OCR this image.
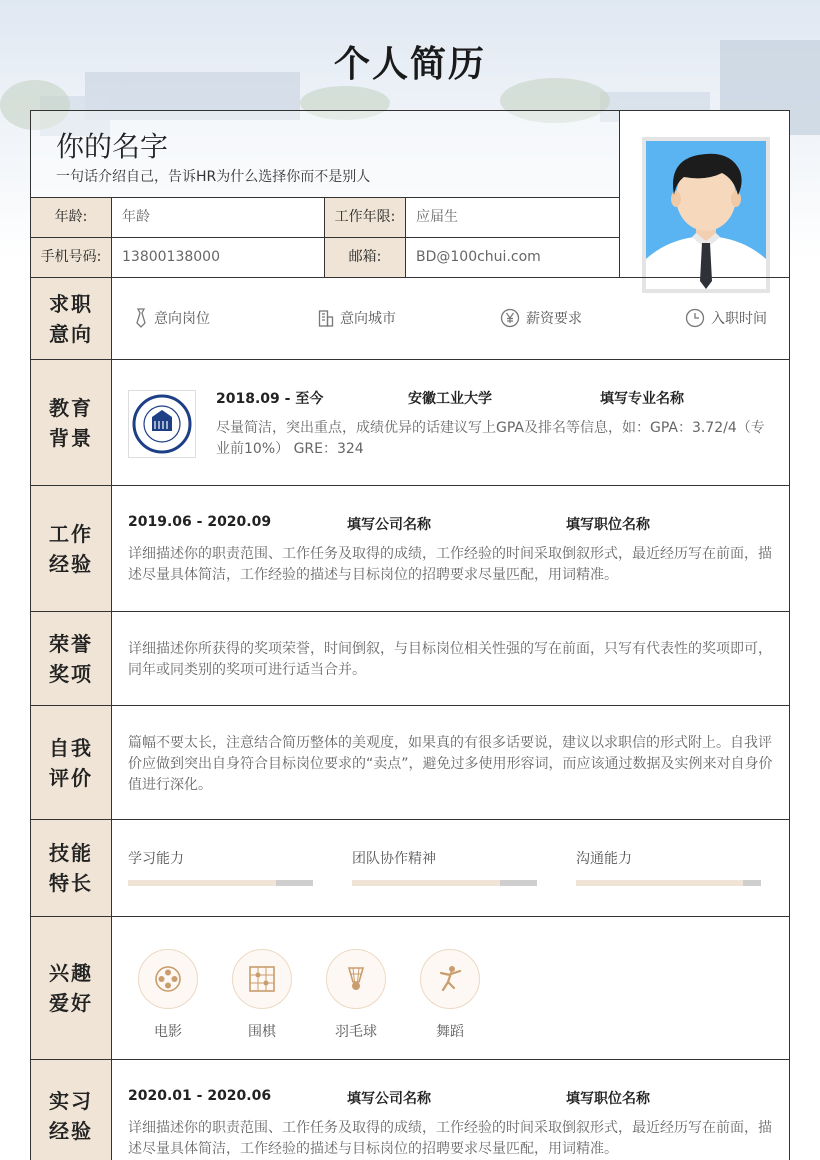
个人简历
你的名字
一句话介绍自己，告诉HR为什么选择你而不是别人
年龄:	年龄	工作年限:	应届生
手机号码:	13800138000	邮箱:	BD@100chui.com
求职意向
意向岗位	意向城市	薪资要求	入职时间
教育背景
2018.09 - 至今	安徽工业大学	填写专业名称
尽量简洁，突出重点，成绩优异的话建议写上GPA及排名等信息，如：GPA：3.72/4（专业前10%） GRE：324
工作经验
2019.06 - 2020.09	填写公司名称	填写职位名称
详细描述你的职责范围、工作任务及取得的成绩，工作经验的时间采取倒叙形式，最近经历写在前面，描述尽量具体简洁，工作经验的描述与目标岗位的招聘要求尽量匹配，用词精准。
荣誉奖项
详细描述你所获得的奖项荣誉，时间倒叙，与目标岗位相关性强的写在前面，只写有代表性的奖项即可，同年或同类别的奖项可进行适当合并。
自我评价
篇幅不要太长，注意结合简历整体的美观度，如果真的有很多话要说，建议以求职信的形式附上。自我评价应做到突出自身符合目标岗位要求的“卖点”，避免过多使用形容词，而应该通过数据及实例来对自身价值进行深化。
技能特长
学习能力	团队协作精神	沟通能力
兴趣爱好
电影	围棋	羽毛球	舞蹈
实习经验
2020.01 - 2020.06	填写公司名称	填写职位名称
详细描述你的职责范围、工作任务及取得的成绩，工作经验的时间采取倒叙形式，最近经历写在前面，描述尽量具体简洁，工作经验的描述与目标岗位的招聘要求尽量匹配，用词精准。
